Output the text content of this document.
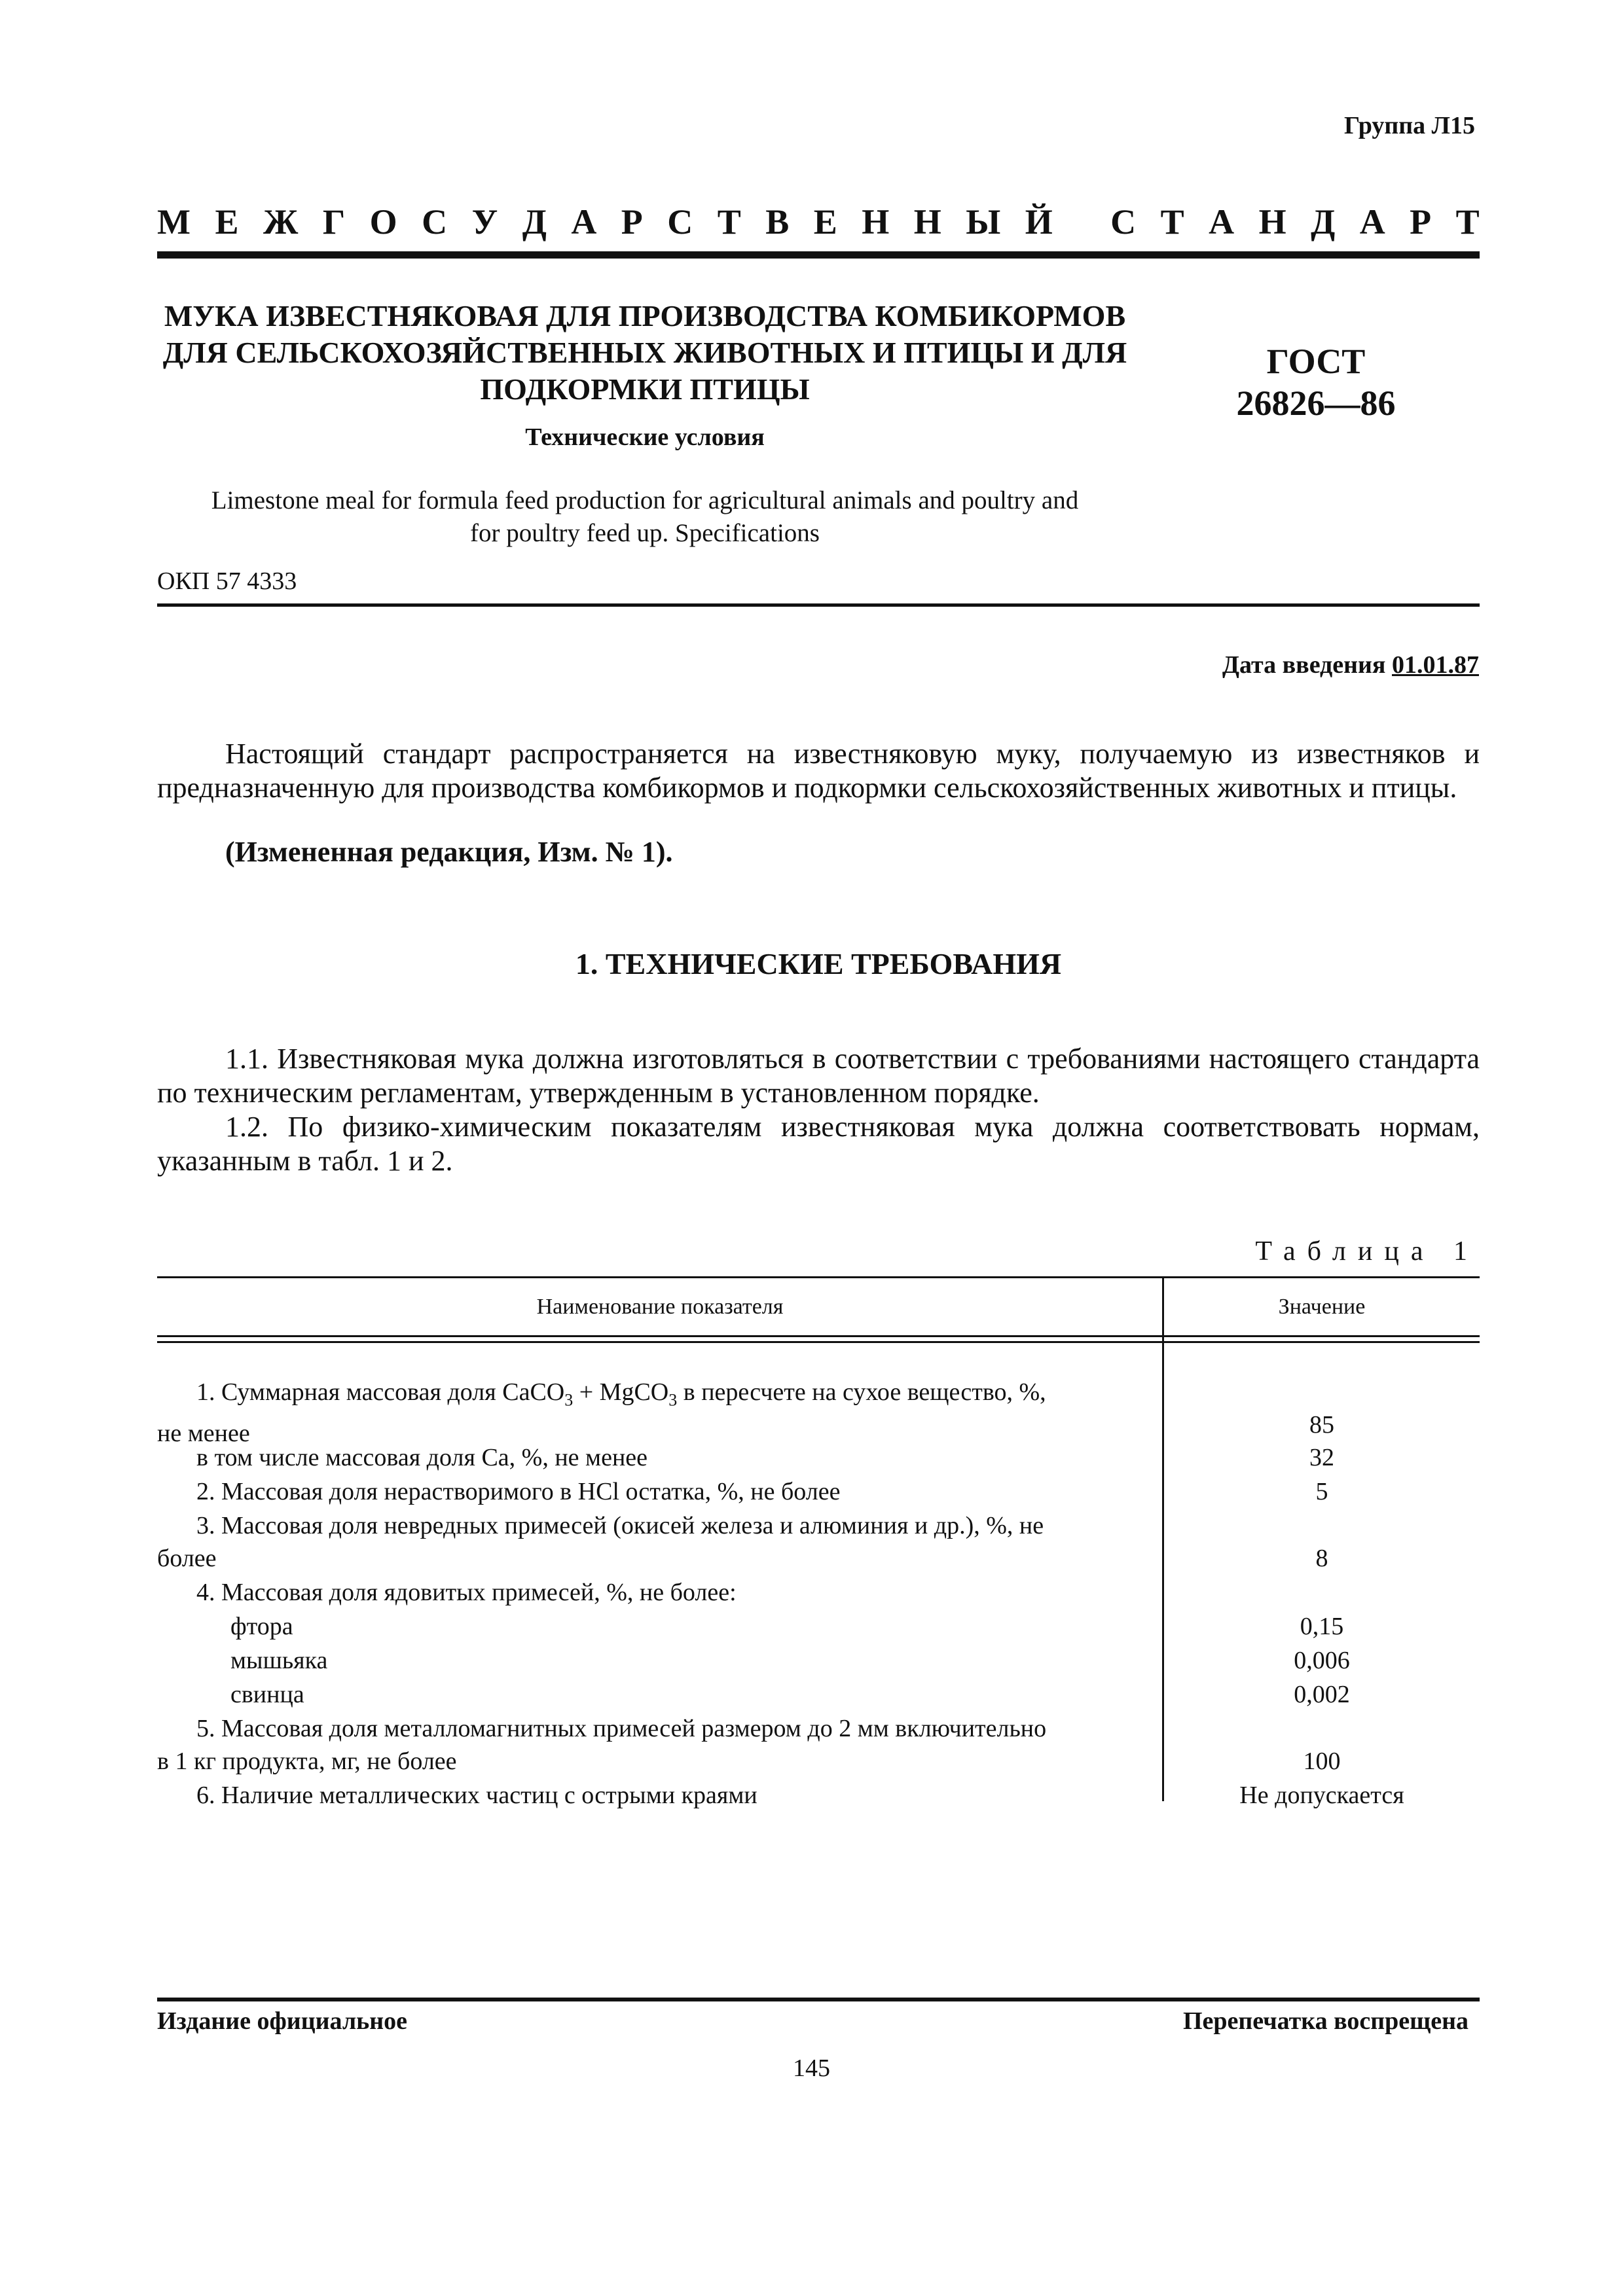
Группа Л15
М Е Ж Г О С У Д А Р С Т В Е Н Н Ы Й
С Т А Н Д А Р Т
МУКА ИЗВЕСТНЯКОВАЯ ДЛЯ ПРОИЗВОДСТВА КОМБИКОРМОВ
ДЛЯ СЕЛЬСКОХОЗЯЙСТВЕННЫХ ЖИВОТНЫХ И ПТИЦЫ И ДЛЯ
ПОДКОРМКИ ПТИЦЫ
Технические условия
ГОСТ
26826—86
Limestone meal for formula feed production for agricultural animals and poultry and
for poultry feed up. Specifications
ОКП 57 4333
Дата введения 01.01.87
Настоящий стандарт распространяется на известняковую муку, получаемую из известняков и предназначенную для производства комбикормов и подкормки сельскохозяйственных животных и птицы.
(Измененная редакция, Изм. № 1).
1. ТЕХНИЧЕСКИЕ ТРЕБОВАНИЯ
1.1. Известняковая мука должна изготовляться в соответствии с требованиями настоящего стандарта по техническим регламентам, утвержденным в установленном порядке.
1.2. По физико-химическим показателям известняковая мука должна соответствовать нормам, указанным в табл. 1 и 2.
Таблица 1
Наименование показателя	Значение
1. Суммарная массовая доля CaCO$_3$ + MgCO$_3$ в пересчете на сухое вещество, %,
не менее	85
в том числе массовая доля Ca, %, не менее	32
2. Массовая доля нерастворимого в HCl остатка, %, не более	5
3. Массовая доля невредных примесей (окисей железа и алюминия и др.), %, не
более	8
4. Массовая доля ядовитых примесей, %, не более:
фтора	0,15
мышьяка	0,006
свинца	0,002
5. Массовая доля металломагнитных примесей размером до 2 мм включительно
в 1 кг продукта, мг, не более	100
6. Наличие металлических частиц с острыми краями	Не допускается
Издание официальное	Перепечатка воспрещена
145
